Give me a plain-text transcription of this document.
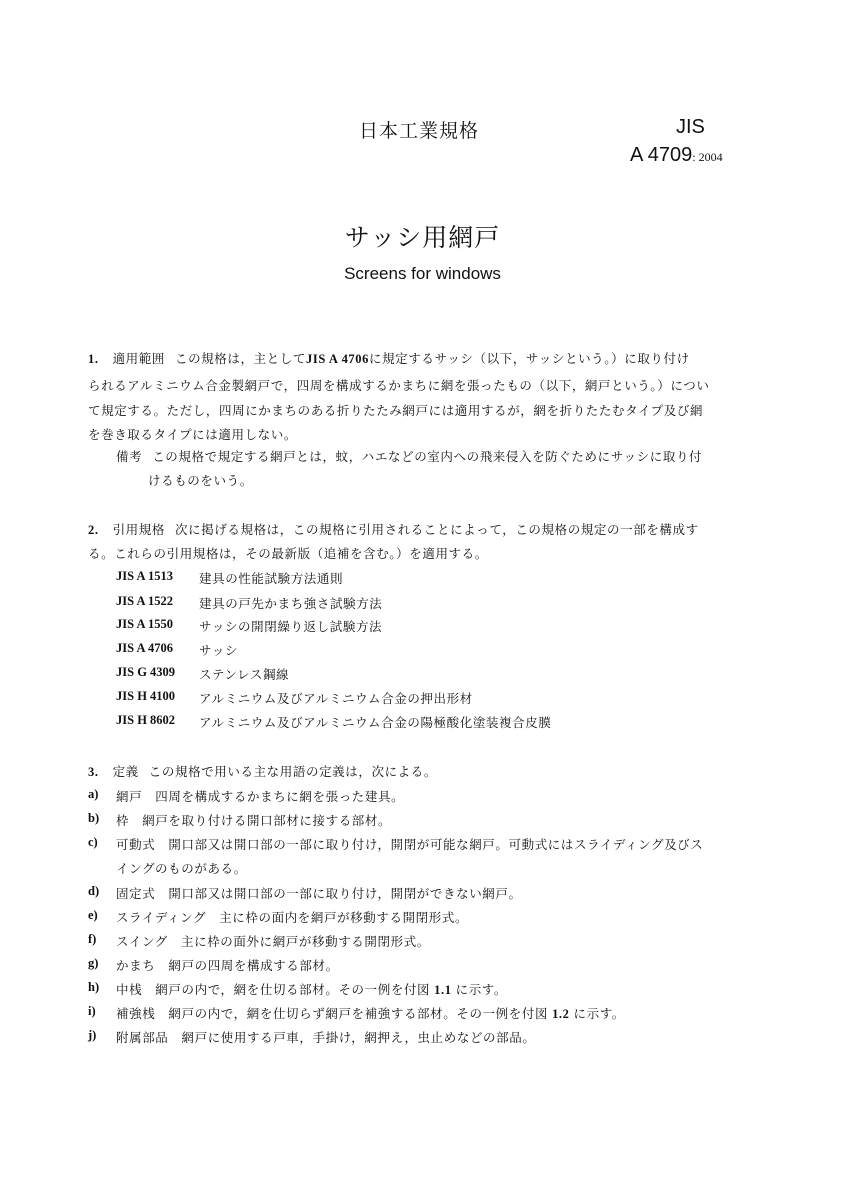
日本工業規格	JIS
A 4709: 2004
サッシ用網戸
Screens for windows
1. 適用範囲 この規格は，主としてJIS A 4706に規定するサッシ（以下，サッシという。）に取り付け
られるアルミニウム合金製網戸で，四周を構成するかまちに網を張ったもの（以下，網戸という。）につい
て規定する。ただし，四周にかまちのある折りたたみ網戸には適用するが，網を折りたたむタイプ及び網
を巻き取るタイプには適用しない。
備考 この規格で規定する網戸とは，蚊，ハエなどの室内への飛来侵入を防ぐためにサッシに取り付
けるものをいう。
2. 引用規格 次に掲げる規格は，この規格に引用されることによって，この規格の規定の一部を構成す
る。これらの引用規格は，その最新版（追補を含む。）を適用する。
JIS A 1513 建具の性能試験方法通則
JIS A 1522 建具の戸先かまち強さ試験方法
JIS A 1550 サッシの開閉繰り返し試験方法
JIS A 4706 サッシ
JIS G 4309 ステンレス鋼線
JIS H 4100 アルミニウム及びアルミニウム合金の押出形材
JIS H 8602 アルミニウム及びアルミニウム合金の陽極酸化塗装複合皮膜
3. 定義 この規格で用いる主な用語の定義は，次による。
a) 網戸　四周を構成するかまちに網を張った建具。
b) 枠　網戸を取り付ける開口部材に接する部材。
c) 可動式　開口部又は開口部の一部に取り付け，開閉が可能な網戸。可動式にはスライディング及びス
イングのものがある。
d) 固定式　開口部又は開口部の一部に取り付け，開閉ができない網戸。
e) スライディング　主に枠の面内を網戸が移動する開閉形式。
f) スイング　主に枠の面外に網戸が移動する開閉形式。
g) かまち　網戸の四周を構成する部材。
h) 中桟　網戸の内で，網を仕切る部材。その一例を付図 1.1 に示す。
i) 補強桟　網戸の内で，網を仕切らず網戸を補強する部材。その一例を付図 1.2 に示す。
j) 附属部品　網戸に使用する戸車，手掛け，網押え，虫止めなどの部品。
